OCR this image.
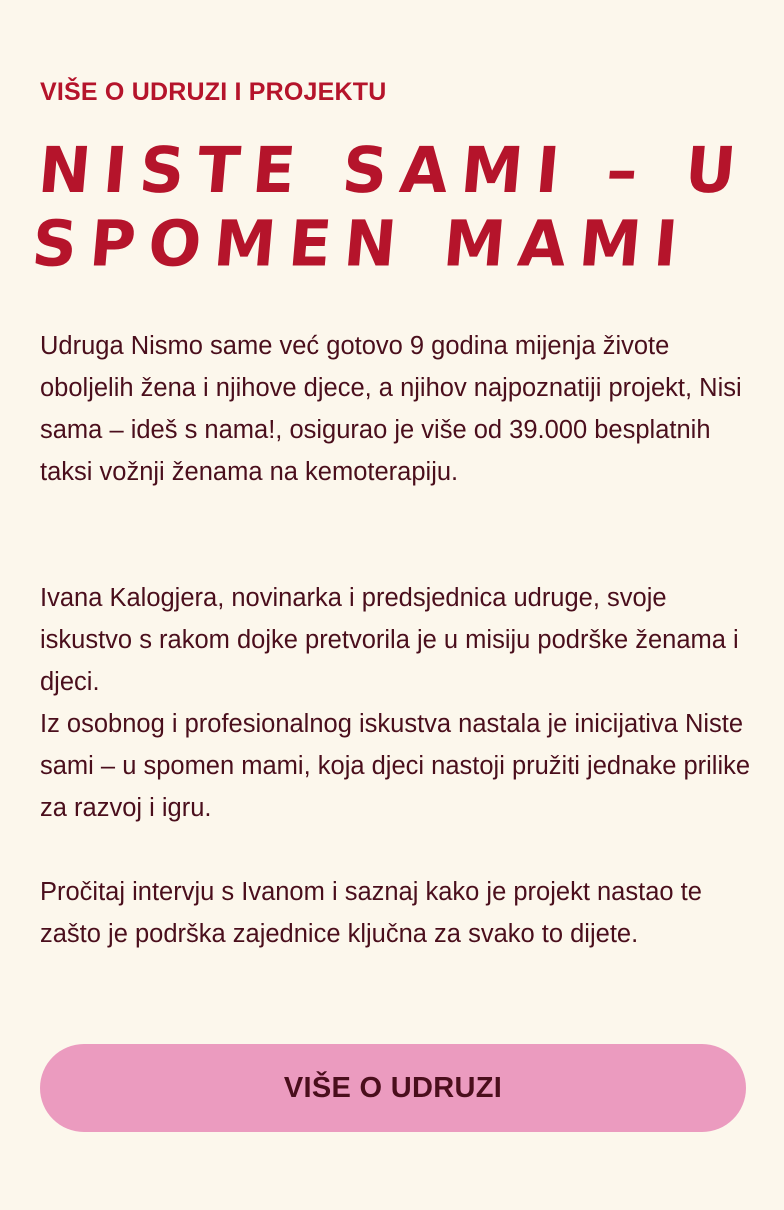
VIŠE O UDRUZI I PROJEKTU
NISTE SAMI – U SPOMEN MAMI

Udruga Nismo same već gotovo 9 godina mijenja živote oboljelih žena i njihove djece, a njihov najpoznatiji projekt, Nisi sama – ideš s nama!, osigurao je više od 39.000 besplatnih taksi vožnji ženama na kemoterapiju.

Ivana Kalogjera, novinarka i predsjednica udruge, svoje iskustvo s rakom dojke pretvorila je u misiju podrške ženama i djeci.

Iz osobnog i profesionalnog iskustva nastala je inicijativa Niste sami – u spomen mami, koja djeci nastoji pružiti jednake prilike za razvoj i igru.

Pročitaj intervju s Ivanom i saznaj kako je projekt nastao te zašto je podrška zajednice ključna za svako to dijete.

VIŠE O UDRUZI
